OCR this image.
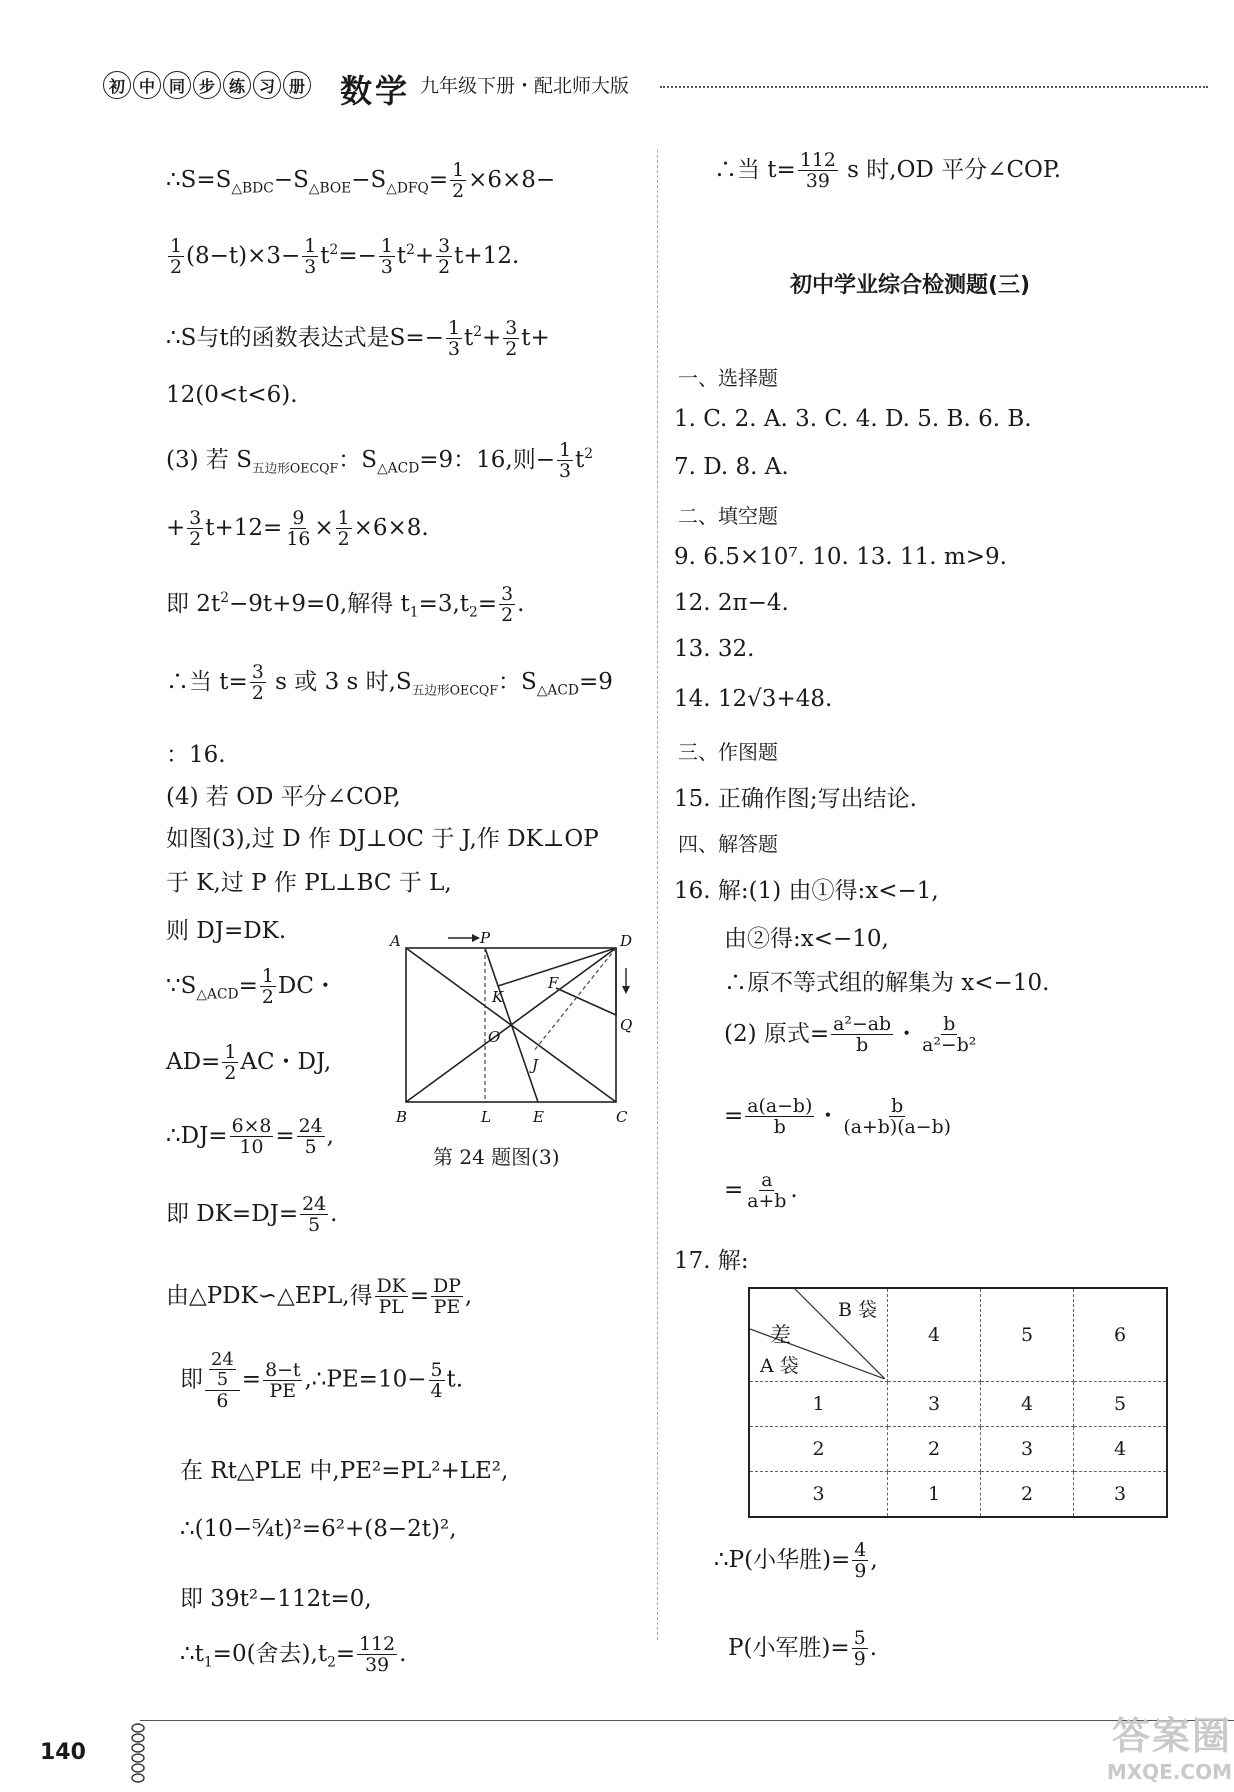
初 中 同 步 练 习 册 数学 九年级下册・配北师大版
$\therefore S=S_{\triangle BDC}-S_{\triangle BOE}-S_{\triangle DFQ}= \frac{1}{2} \times 6\times 8-$
$\frac{1}{2} (8-t)\times 3- \frac{1}{3} t^2=- \frac{1}{3} t^2+ \frac{3}{2} t+12$.
∴S与t的函数表达式是$S=- \frac{1}{3} t^2+ \frac{3}{2} t+$
12(0<t<6).
(3) 若 $S_{五边形OECQF}$：$S_{\triangle ACD}=9$：16,则− $\frac{1}{3} t^2$
+ $\frac{3}{2} t+12= \frac{9}{16} \times \frac{1}{2} \times 6\times 8$.
即 $2t^2-9t+9=0$,解得 $t_1=3,t_2= \frac{3}{2}$ .
∴当 $t= \frac{3}{2}$ s 或 3 s 时$,S_{五边形OECQF}$：$S_{\triangle ACD}=9$
：16.
(4) 若 OD 平分∠COP,
如图(3),过 D 作 DJ⊥OC 于 J,作 DK⊥OP
于 K,过 P 作 PL⊥BC 于 L,
则 DJ=DK.
$\because S_{\triangle ACD}= \frac{1}{2}$ DC・
$AD= \frac{1}{2}$ AC・DJ,
∴DJ= $\frac{6\times 8}{10} = \frac{24}{5}$ ,
即 $DK=DJ= \frac{24}{5}$ .
由△PDK∽△EPL,得 $\frac{DK}{PL} = \frac{DP}{PE}$ ,
即 $\frac{\frac{24}{5}}{6} = \frac{8-t}{PE}$ ,∴PE=10− $\frac{5}{4} t$.
在 Rt△PLE 中,PE²=PL²+LE²,
∴(10−⁵⁄₄t)²=6²+(8−2t)²,
即 39t²−112t=0,
$\therefore t_1=0$(舍去)$,t_2= \frac{112}{39}$ .
A	P	D
K
F
Q
O
J
B	L	E	C
第 24 题图(3)
∴当 $t= \frac{112}{39}$ s 时,OD 平分∠COP.
初中学业综合检测题(三)
一、选择题
1. C. 2. A. 3. C. 4. D. 5. B. 6. B.
7. D. 8. A.
二、填空题
9. 6.5×10⁷. 10. 13. 11. m>9.
12. 2π−4.
13. 32.
14. 12√3+48.
三、作图题
15. 正确作图;写出结论.
四、解答题
16. 解:(1) 由①得:x<−1,
由②得:x<−10,
∴原不等式组的解集为 x<−10.
(2) 原式= $\frac{\text{a²−ab}}{b}$ ・ $\frac{b}{\text{a²−b²}}$
= $\frac{a(a-b)}{b}$ ・ $\frac{b}{(a+b)(a-b)}$
= $\frac{a}{a+b}$ .
17. 解:
B 袋
差
A 袋	4	5	6
1	3	4	5
2	2	3	4
3	1	2	3
∴P(小华胜)= $\frac{4}{9}$ ,
P(小军胜)= $\frac{5}{9}$ .
140	答案圈
MXQE.COM
